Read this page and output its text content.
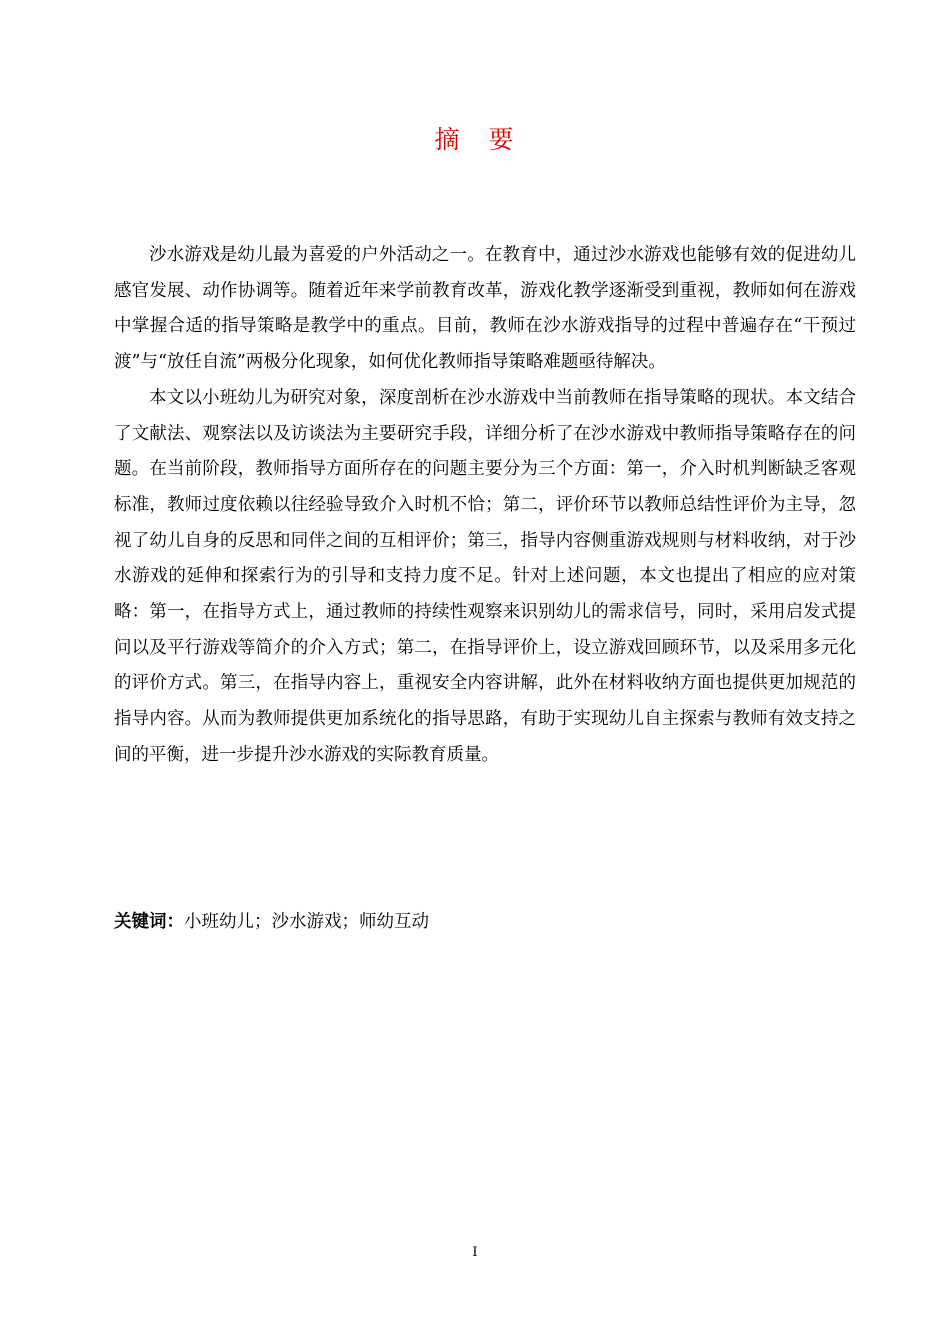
摘　要

沙水游戏是幼儿最为喜爱的户外活动之一。在教育中，通过沙水游戏也能够有效的促进幼儿感官发展、动作协调等。随着近年来学前教育改革，游戏化教学逐渐受到重视，教师如何在游戏中掌握合适的指导策略是教学中的重点。目前，教师在沙水游戏指导的过程中普遍存在“干预过渡”与“放任自流”两极分化现象，如何优化教师指导策略难题亟待解决。

本文以小班幼儿为研究对象，深度剖析在沙水游戏中当前教师在指导策略的现状。本文结合了文献法、观察法以及访谈法为主要研究手段，详细分析了在沙水游戏中教师指导策略存在的问题。在当前阶段，教师指导方面所存在的问题主要分为三个方面：第一，介入时机判断缺乏客观标准，教师过度依赖以往经验导致介入时机不恰；第二，评价环节以教师总结性评价为主导，忽视了幼儿自身的反思和同伴之间的互相评价；第三，指导内容侧重游戏规则与材料收纳，对于沙水游戏的延伸和探索行为的引导和支持力度不足。针对上述问题，本文也提出了相应的应对策略：第一，在指导方式上，通过教师的持续性观察来识别幼儿的需求信号，同时，采用启发式提问以及平行游戏等简介的介入方式；第二，在指导评价上，设立游戏回顾环节，以及采用多元化的评价方式。第三，在指导内容上，重视安全内容讲解，此外在材料收纳方面也提供更加规范的指导内容。从而为教师提供更加系统化的指导思路，有助于实现幼儿自主探索与教师有效支持之间的平衡，进一步提升沙水游戏的实际教育质量。

关键词：小班幼儿；沙水游戏；师幼互动
I
